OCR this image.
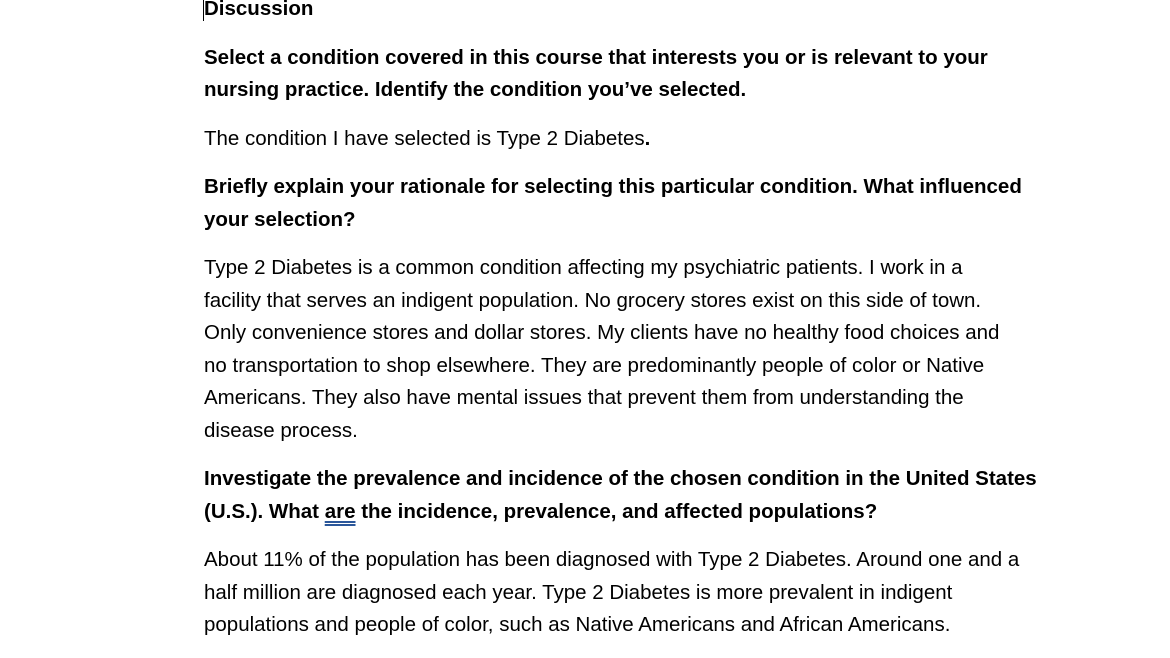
Discussion

Select a condition covered in this course that interests you or is relevant to your nursing practice. Identify the condition you’ve selected.

The condition I have selected is Type 2 Diabetes.

Briefly explain your rationale for selecting this particular condition. What influenced your selection?

Type 2 Diabetes is a common condition affecting my psychiatric patients. I work in a facility that serves an indigent population. No grocery stores exist on this side of town. Only convenience stores and dollar stores. My clients have no healthy food choices and no transportation to shop elsewhere. They are predominantly people of color or Native Americans. They also have mental issues that prevent them from understanding the disease process.

Investigate the prevalence and incidence of the chosen condition in the United States (U.S.). What are the incidence, prevalence, and affected populations?

About 11% of the population has been diagnosed with Type 2 Diabetes. Around one and a half million are diagnosed each year. Type 2 Diabetes is more prevalent in indigent populations and people of color, such as Native Americans and African Americans.
